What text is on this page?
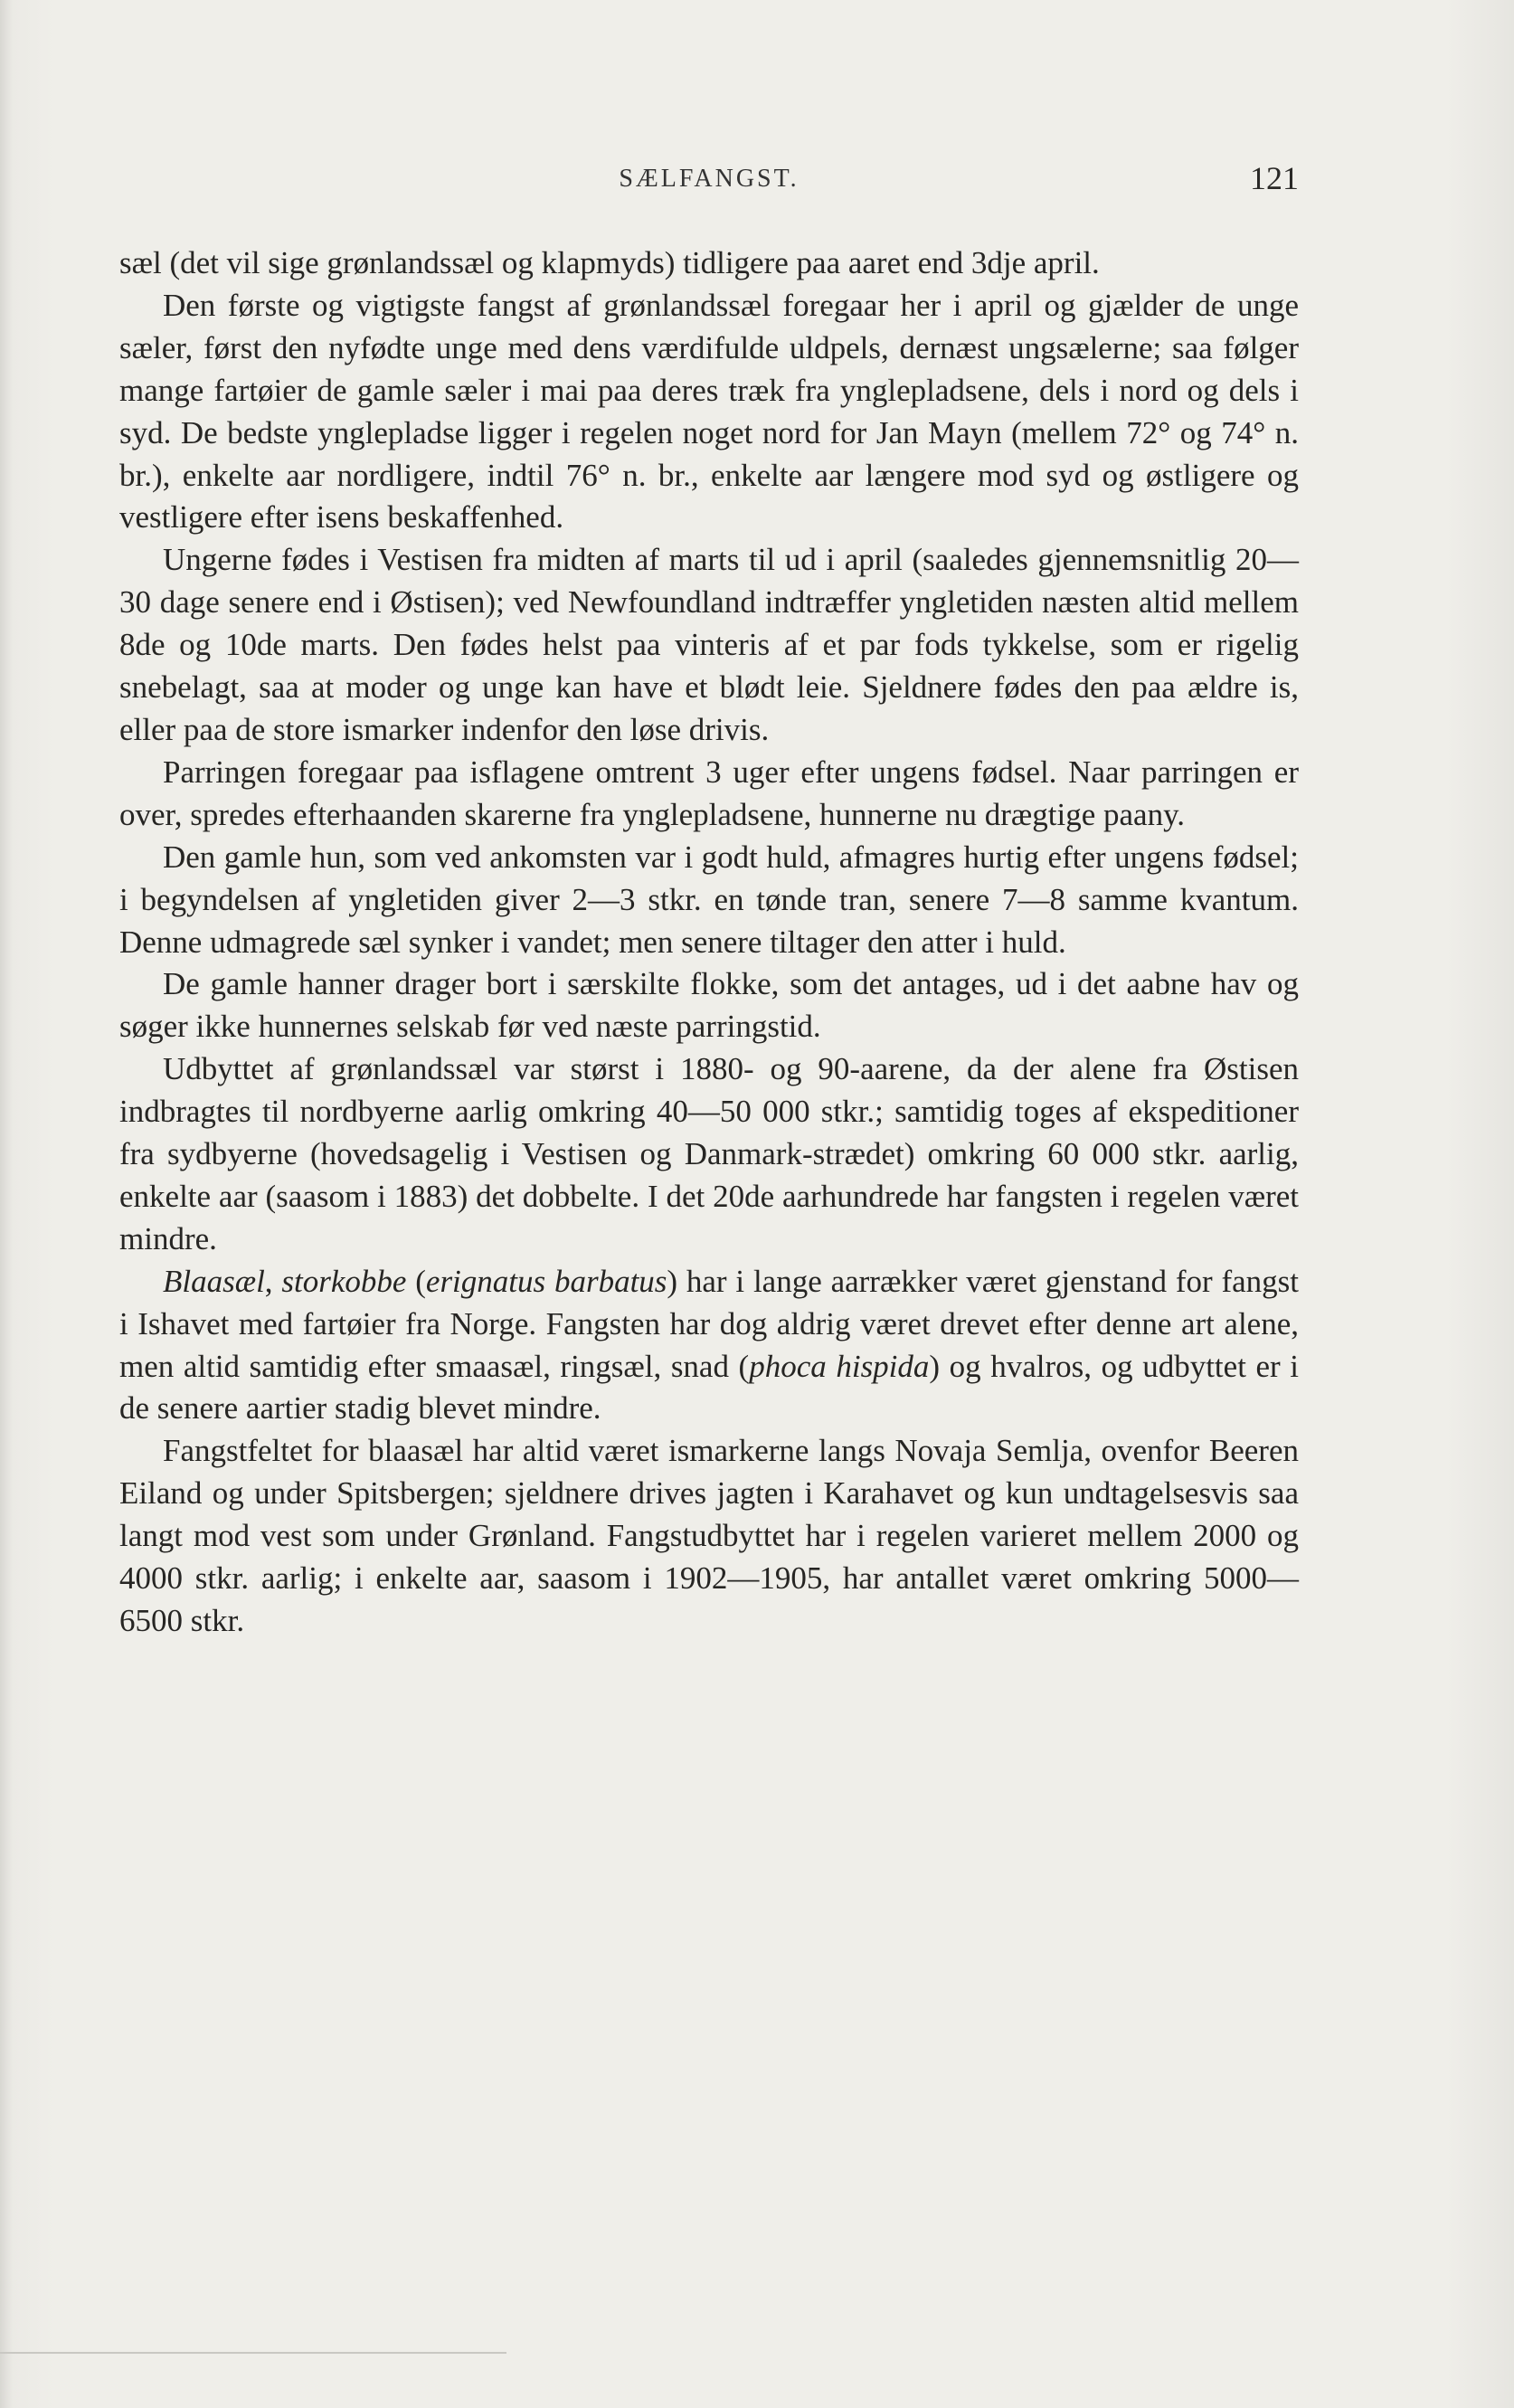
SÆLFANGST.	121

sæl (det vil sige grønlandssæl og klapmyds) tidligere paa aaret end 3dje april.

Den første og vigtigste fangst af grønlandssæl foregaar her i april og gjælder de unge sæler, først den nyfødte unge med dens værdifulde uldpels, dernæst ungsælerne; saa følger mange fartøier de gamle sæler i mai paa deres træk fra ynglepladsene, dels i nord og dels i syd. De bedste ynglepladse ligger i regelen noget nord for Jan Mayn (mellem 72° og 74° n. br.), enkelte aar nordligere, indtil 76° n. br., enkelte aar længere mod syd og østligere og vestligere efter isens beskaffenhed.

Ungerne fødes i Vestisen fra midten af marts til ud i april (saaledes gjennemsnitlig 20—30 dage senere end i Østisen); ved Newfoundland indtræffer yngletiden næsten altid mellem 8de og 10de marts. Den fødes helst paa vinteris af et par fods tykkelse, som er rigelig snebelagt, saa at moder og unge kan have et blødt leie. Sjeldnere fødes den paa ældre is, eller paa de store ismarker indenfor den løse drivis.

Parringen foregaar paa isflagene omtrent 3 uger efter ungens fødsel. Naar parringen er over, spredes efterhaanden skarerne fra ynglepladsene, hunnerne nu drægtige paany.

Den gamle hun, som ved ankomsten var i godt huld, afmagres hurtig efter ungens fødsel; i begyndelsen af yngletiden giver 2—3 stkr. en tønde tran, senere 7—8 samme kvantum. Denne udmagrede sæl synker i vandet; men senere tiltager den atter i huld.

De gamle hanner drager bort i særskilte flokke, som det antages, ud i det aabne hav og søger ikke hunnernes selskab før ved næste parringstid.

Udbyttet af grønlandssæl var størst i 1880- og 90-aarene, da der alene fra Østisen indbragtes til nordbyerne aarlig omkring 40—50 000 stkr.; samtidig toges af ekspeditioner fra sydbyerne (hovedsagelig i Vestisen og Danmark-strædet) omkring 60 000 stkr. aarlig, enkelte aar (saasom i 1883) det dobbelte. I det 20de aarhundrede har fangsten i regelen været mindre.

Blaasæl, storkobbe (erignatus barbatus) har i lange aarrækker været gjenstand for fangst i Ishavet med fartøier fra Norge. Fangsten har dog aldrig været drevet efter denne art alene, men altid samtidig efter smaasæl, ringsæl, snad (phoca hispida) og hvalros, og udbyttet er i de senere aartier stadig blevet mindre.

Fangstfeltet for blaasæl har altid været ismarkerne langs Novaja Semlja, ovenfor Beeren Eiland og under Spitsbergen; sjeldnere drives jagten i Karahavet og kun undtagelsesvis saa langt mod vest som under Grønland. Fangstudbyttet har i regelen varieret mellem 2000 og 4000 stkr. aarlig; i enkelte aar, saasom i 1902—1905, har antallet været omkring 5000—6500 stkr.
